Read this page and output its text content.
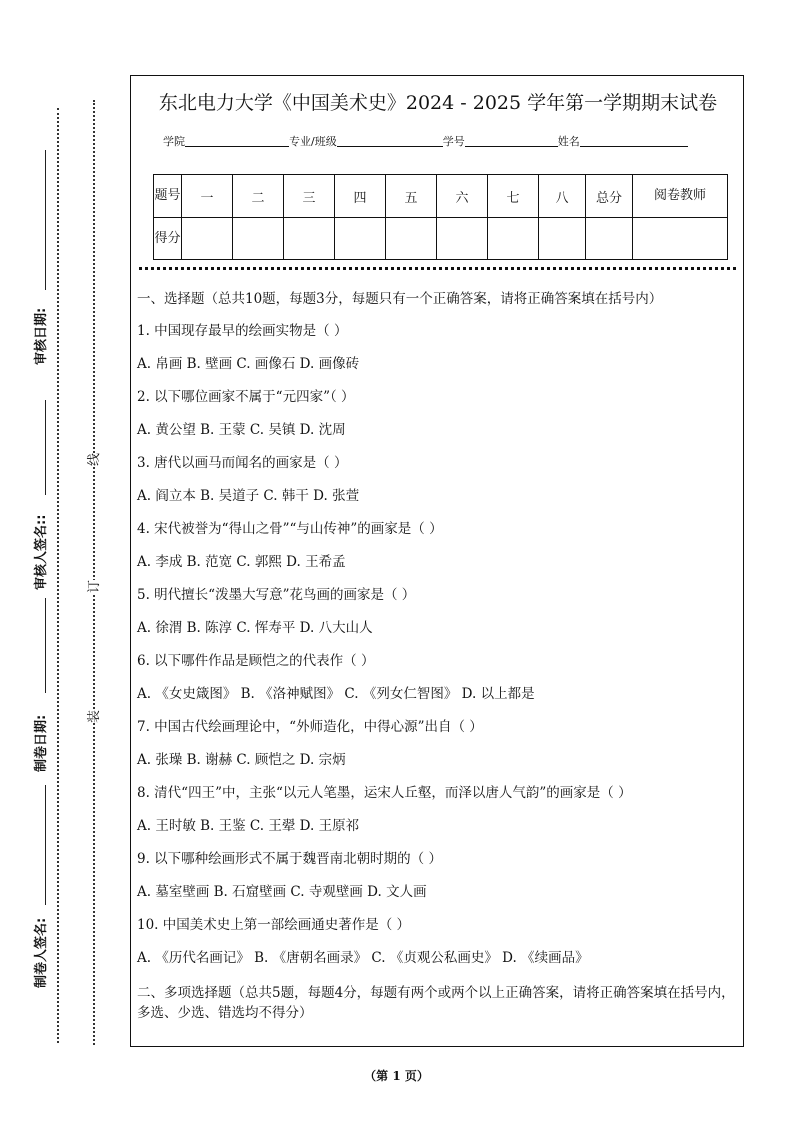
审核日期:
审核人签名::
制卷日期:
制卷人签名:
线
订
装
东北电力大学《中国美术史》2024 - 2025 学年第一学期期末试卷
学院	专业/班级	学号	姓名
题号	一	二	三	四	五	六	七	八	总分	阅卷教师
得分										

一、选择题（总共10题，每题3分，每题只有一个正确答案，请将正确答案填在括号内）

1. 中国现存最早的绘画实物是（ ）

A. 帛画 B. 壁画 C. 画像石 D. 画像砖

2. 以下哪位画家不属于“元四家”（ ）

A. 黄公望 B. 王蒙 C. 吴镇 D. 沈周

3. 唐代以画马而闻名的画家是（ ）

A. 阎立本 B. 吴道子 C. 韩干 D. 张萱

4. 宋代被誉为“得山之骨”“与山传神”的画家是（ ）

A. 李成 B. 范宽 C. 郭熙 D. 王希孟

5. 明代擅长“泼墨大写意”花鸟画的画家是（ ）

A. 徐渭 B. 陈淳 C. 恽寿平 D. 八大山人

6. 以下哪件作品是顾恺之的代表作（ ）

A. 《女史箴图》 B. 《洛神赋图》 C. 《列女仁智图》 D. 以上都是

7. 中国古代绘画理论中，“外师造化，中得心源”出自（ ）

A. 张璪 B. 谢赫 C. 顾恺之 D. 宗炳

8. 清代“四王”中，主张“以元人笔墨，运宋人丘壑，而泽以唐人气韵”的画家是（ ）

A. 王时敏 B. 王鉴 C. 王翚 D. 王原祁

9. 以下哪种绘画形式不属于魏晋南北朝时期的（ ）

A. 墓室壁画 B. 石窟壁画 C. 寺观壁画 D. 文人画

10. 中国美术史上第一部绘画通史著作是（ ）

A. 《历代名画记》 B. 《唐朝名画录》 C. 《贞观公私画史》 D. 《续画品》

二、多项选择题（总共5题，每题4分，每题有两个或两个以上正确答案，请将正确答案填在括号内，多选、少选、错选均不得分）

（第 1 页）
